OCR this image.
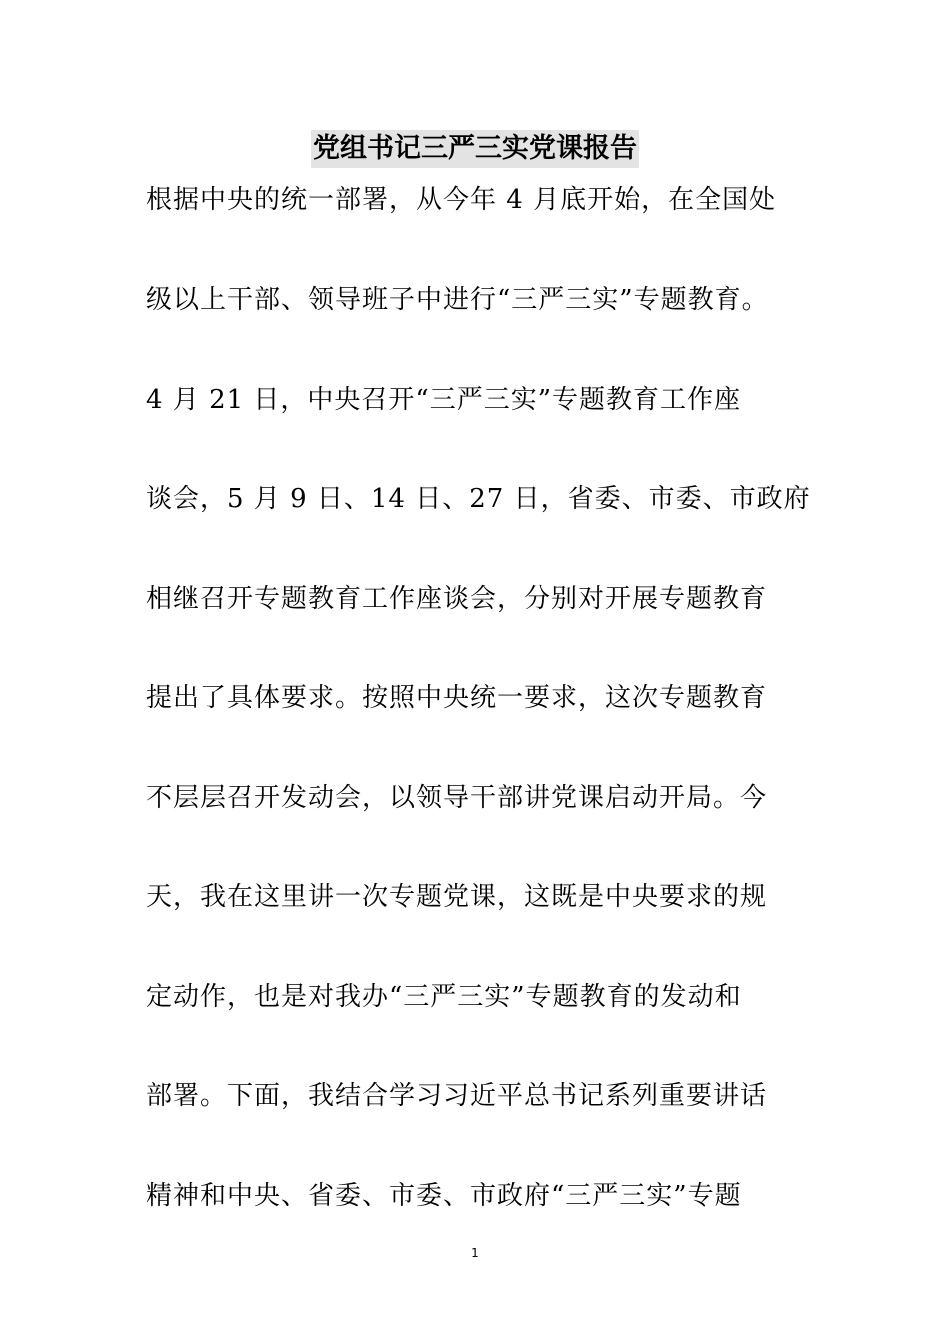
党组书记三严三实党课报告
根据中央的统一部署，从今年 4 月底开始，在全国处
级以上干部、领导班子中进行“三严三实”专题教育。
4 月 21 日，中央召开“三严三实”专题教育工作座
谈会，5 月 9 日、14 日、27 日，省委、市委、市政府
相继召开专题教育工作座谈会，分别对开展专题教育
提出了具体要求。按照中央统一要求，这次专题教育
不层层召开发动会，以领导干部讲党课启动开局。今
天，我在这里讲一次专题党课，这既是中央要求的规
定动作，也是对我办“三严三实”专题教育的发动和
部署。下面，我结合学习习近平总书记系列重要讲话
精神和中央、省委、市委、市政府“三严三实”专题
1
